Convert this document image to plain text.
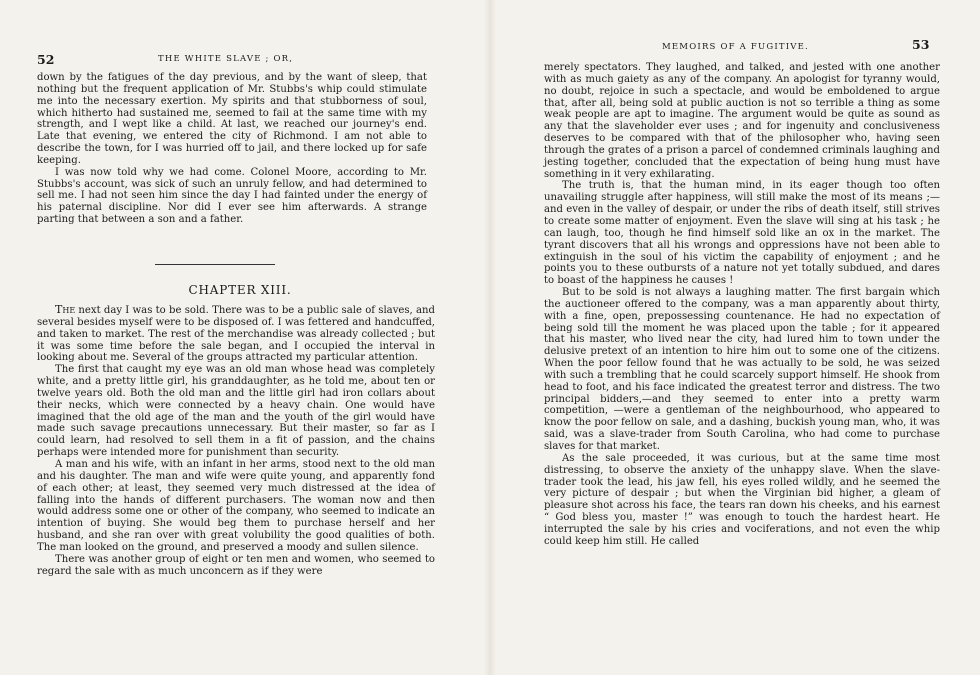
52	THE WHITE SLAVE ; OR,

down by the fatigues of the day previous, and by the want of sleep, that nothing but the frequent application of Mr. Stubbs's whip could stimulate me into the necessary exertion. My spirits and that stubborness of soul, which hitherto had sustained me, seemed to fail at the same time with my strength, and I wept like a child. At last, we reached our journey's end. Late that evening, we entered the city of Richmond. I am not able to describe the town, for I was hurried off to jail, and there locked up for safe keeping.

I was now told why we had come. Colonel Moore, according to Mr. Stubbs's account, was sick of such an unruly fellow, and had determined to sell me. I had not seen him since the day I had fainted under the energy of his paternal discipline. Nor did I ever see him afterwards. A strange parting that between a son and a father.

CHAPTER XIII.

The next day I was to be sold. There was to be a public sale of slaves, and several besides myself were to be disposed of. I was fettered and handcuffed, and taken to market. The rest of the merchandise was already collected ; but it was some time before the sale began, and I occupied the interval in looking about me. Several of the groups attracted my particular attention.

The first that caught my eye was an old man whose head was completely white, and a pretty little girl, his granddaughter, as he told me, about ten or twelve years old. Both the old man and the little girl had iron collars about their necks, which were connected by a heavy chain. One would have imagined that the old age of the man and the youth of the girl would have made such savage precautions unnecessary. But their master, so far as I could learn, had resolved to sell them in a fit of passion, and the chains perhaps were intended more for punishment than security.

A man and his wife, with an infant in her arms, stood next to the old man and his daughter. The man and wife were quite young, and apparently fond of each other; at least, they seemed very much distressed at the idea of falling into the hands of different purchasers. The woman now and then would address some one or other of the company, who seemed to indicate an intention of buying. She would beg them to purchase herself and her husband, and she ran over with great volubility the good qualities of both. The man looked on the ground, and preserved a moody and sullen silence.

There was another group of eight or ten men and women, who seemed to regard the sale with as much unconcern as if they were

MEMOIRS OF A FUGITIVE.	53

merely spectators. They laughed, and talked, and jested with one another with as much gaiety as any of the company. An apologist for tyranny would, no doubt, rejoice in such a spectacle, and would be emboldened to argue that, after all, being sold at public auction is not so terrible a thing as some weak people are apt to imagine. The argument would be quite as sound as any that the slaveholder ever uses ; and for ingenuity and conclusiveness deserves to be compared with that of the philosopher who, having seen through the grates of a prison a parcel of condemned criminals laughing and jesting together, concluded that the expectation of being hung must have something in it very exhilarating.

The truth is, that the human mind, in its eager though too often unavailing struggle after happiness, will still make the most of its means ;—and even in the valley of despair, or under the ribs of death itself, still strives to create some matter of enjoyment. Even the slave will sing at his task ; he can laugh, too, though he find himself sold like an ox in the market. The tyrant discovers that all his wrongs and oppressions have not been able to extinguish in the soul of his victim the capability of enjoyment ; and he points you to these outbursts of a nature not yet totally subdued, and dares to boast of the happiness he causes !

But to be sold is not always a laughing matter. The first bargain which the auctioneer offered to the company, was a man apparently about thirty, with a fine, open, prepossessing countenance. He had no expectation of being sold till the moment he was placed upon the table ; for it appeared that his master, who lived near the city, had lured him to town under the delusive pretext of an intention to hire him out to some one of the citizens. When the poor fellow found that he was actually to be sold, he was seized with such a trembling that he could scarcely support himself. He shook from head to foot, and his face indicated the greatest terror and distress. The two principal bidders,—and they seemed to enter into a pretty warm competition, —were a gentleman of the neighbourhood, who appeared to know the poor fellow on sale, and a dashing, buckish young man, who, it was said, was a slave-trader from South Carolina, who had come to purchase slaves for that market.

As the sale proceeded, it was curious, but at the same time most distressing, to observe the anxiety of the unhappy slave. When the slave-trader took the lead, his jaw fell, his eyes rolled wildly, and he seemed the very picture of despair ; but when the Virginian bid higher, a gleam of pleasure shot across his face, the tears ran down his cheeks, and his earnest “ God bless you, master !” was enough to touch the hardest heart. He interrupted the sale by his cries and vociferations, and not even the whip could keep him still. He called
